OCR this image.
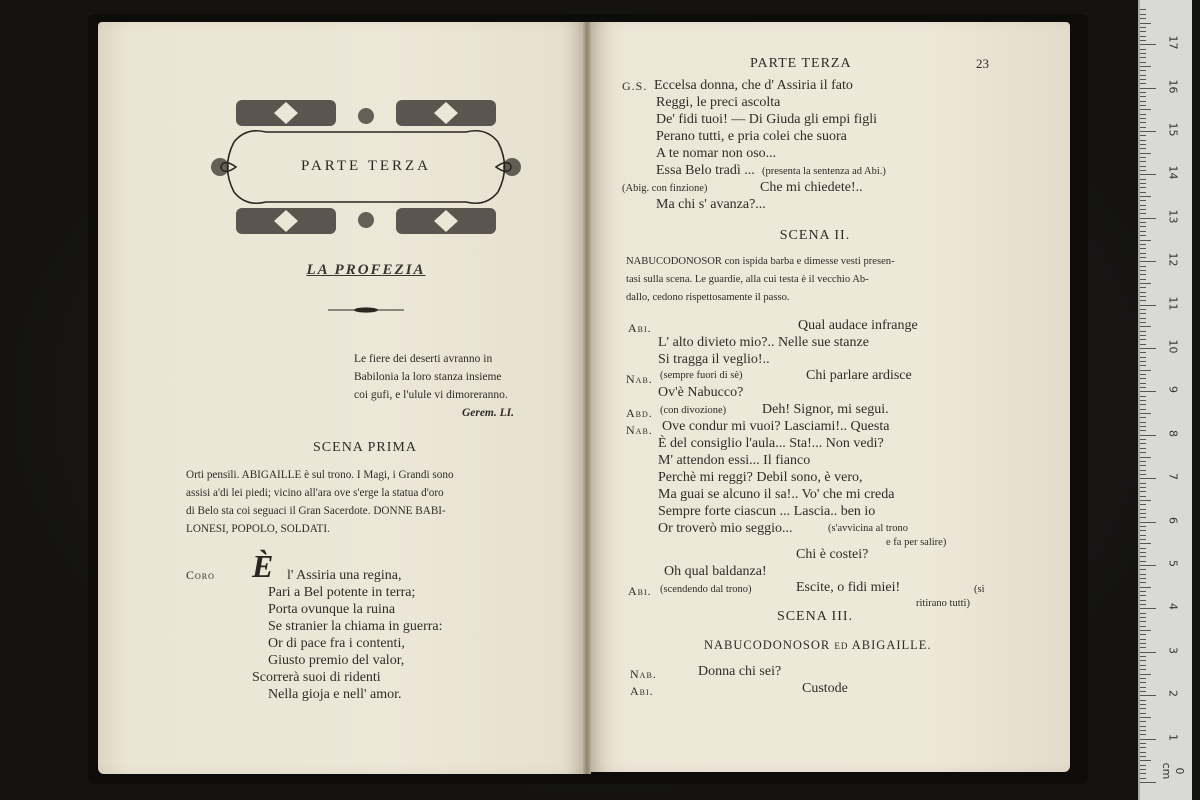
PARTE TERZA
LA PROFEZIA
Le fiere dei deserti avranno in
Babilonia la loro stanza insieme
coi gufi, e l'ulule vi dimoreranno.
Gerem. LI.
SCENA PRIMA
Orti pensili. ABIGAILLE è sul trono. I Magi, i Grandi sono
assisi a'di lei piedi; vicino all'ara ove s'erge la statua d'oro
di Belo sta coi seguaci il Gran Sacerdote. DONNE BABI-
LONESI, POPOLO, SOLDATI.
Coro È l' Assiria una regina,
Pari a Bel potente in terra;
Porta ovunque la ruina
Se stranier la chiama in guerra:
Or di pace fra i contenti,
Giusto premio del valor,
Scorrerà suoi di ridenti
Nella gioja e nell' amor.
PARTE TERZA	23
G.S. Eccelsa donna, che d' Assiria il fato
Reggi, le preci ascolta
De' fidi tuoi! — Di Giuda gli empi figli
Perano tutti, e pria colei che suora
A te nomar non oso...
Essa Belo tradì ... (presenta la sentenza ad Abi.)
(Abig. con finzione)	Che mi chiedete!..
Ma chi s' avanza?...
SCENA II.
NABUCODONOSOR con ispida barba e dimesse vesti presen-
tasi sulla scena. Le guardie, alla cui testa è il vecchio Ab-
dallo, cedono rispettosamente il passo.
Abi.	Qual audace infrange
L' alto divieto mio?.. Nelle sue stanze
Si tragga il veglio!..
Nab. (sempre fuori di sè)	Chi parlare ardisce
Ov'è Nabucco?
Abd. (con divozione)	Deh! Signor, mi segui.
Nab. Ove condur mi vuoi? Lasciami!.. Questa
È del consiglio l'aula... Sta!... Non vedi?
M' attendon essi... Il fianco
Perchè mi reggi? Debil sono, è vero,
Ma guai se alcuno il sa!.. Vo' che mi creda
Sempre forte ciascun ... Lascia.. ben io
Or troverò mio seggio...	(s'avvicina al trono
e fa per salire)
Chi è costei?
Oh qual baldanza!
Abi. (scendendo dal trono)	Escite, o fidi miei!	(si
ritirano tutti)
SCENA III.
NABUCODONOSOR ed ABIGAILLE.
Nab.	Donna chi sei?
Abi.	Custode
0 cm
1
2
3
4
5
6
7
8
9
10
11
12
13
14
15
16
17
